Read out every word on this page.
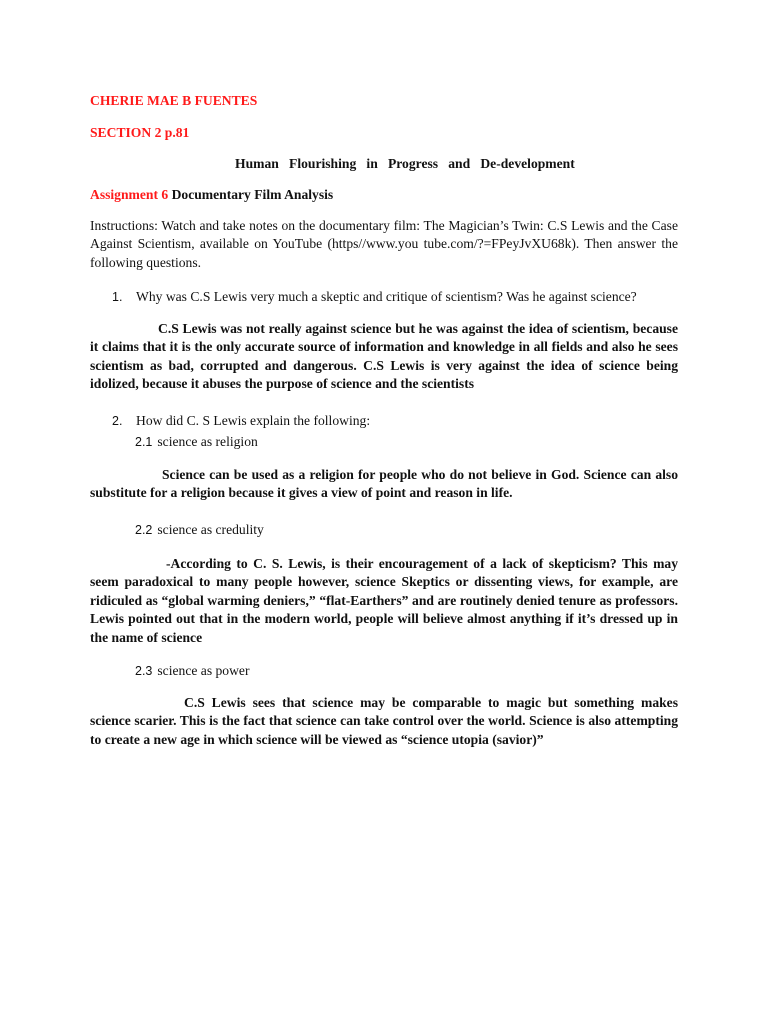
CHERIE MAE B FUENTES
SECTION 2 p.81
Human   Flourishing   in   Progress   and   De-development
Assignment 6 Documentary Film Analysis
Instructions: Watch and take notes on the documentary film: The Magician’s Twin: C.S Lewis and the Case Against Scientism, available on YouTube (https//www.you tube.com/?=FPeyJvXU68k). Then answer the following questions.
1. Why was C.S Lewis very much a skeptic and critique of scientism? Was he against science?
C.S Lewis was not really against science but he was against the idea of scientism, because it claims that it is the only accurate source of information and knowledge in all fields and also he sees scientism as bad, corrupted and dangerous. C.S Lewis is very against the idea of science being idolized, because it abuses the purpose of science and the scientists
2. How did C. S Lewis explain the following:
2.1 science as religion
Science can be used as a religion for people who do not believe in God. Science can also substitute for a religion because it gives a view of point and reason in life.
2.2 science as credulity
-According to C. S. Lewis, is their encouragement of a lack of skepticism? This may seem paradoxical to many people however, science Skeptics or dissenting views, for example, are ridiculed as “global warming deniers,” “flat-Earthers” and are routinely denied tenure as professors. Lewis pointed out that in the modern world, people will believe almost anything if it’s dressed up in the name of science
2.3 science as power
C.S Lewis sees that science may be comparable to magic but something makes science scarier. This is the fact that science can take control over the world. Science is also attempting to create a new age in which science will be viewed as “science utopia (savior)”
